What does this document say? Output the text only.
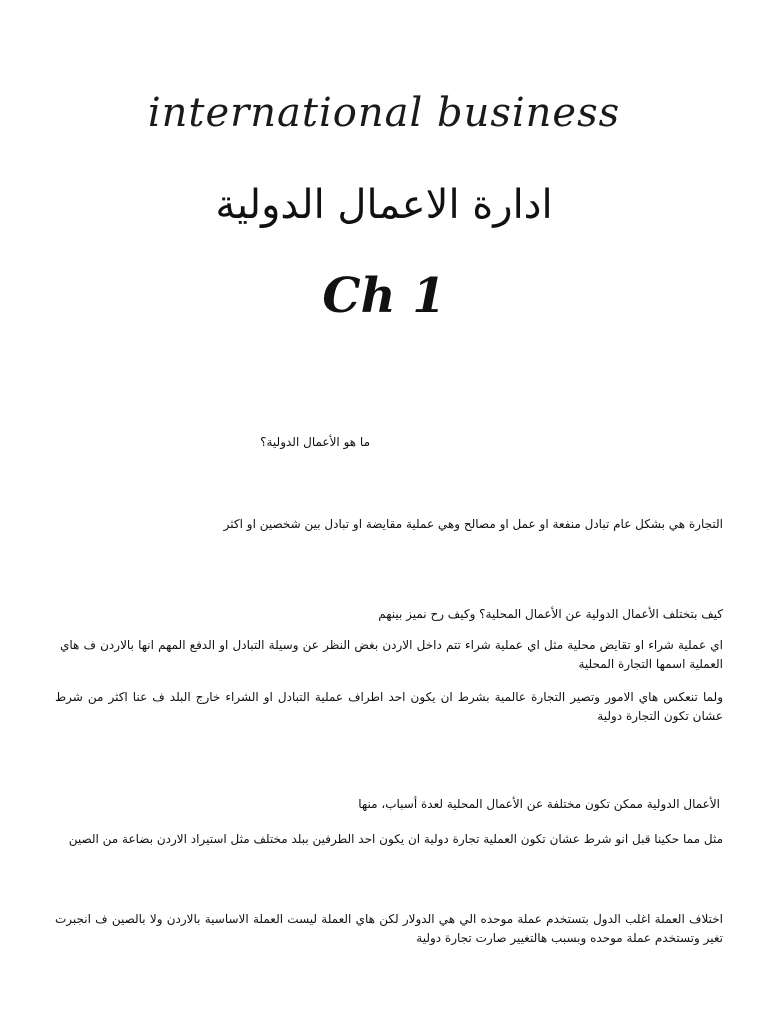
international business
ادارة الاعمال الدولية
Ch 1
ما هو الأعمال الدولية؟
التجارة هي بشكل عام تبادل منفعة او عمل او مصالح وهي عملية مقايضة او تبادل بين شخصين او اكثر
كيف بتختلف الأعمال الدولية عن الأعمال المحلية؟ وكيف رح نميز بينهم
اي عملية شراء او تقايض محلية مثل اي عملية شراء تتم داخل الاردن بغض النظر عن وسيلة التبادل او الدفع المهم انها بالاردن ف هاي العملية اسمها التجارة المحلية
ولما تنعكس هاي الامور وتصير التجارة عالمية بشرط ان يكون احد اطراف عملية التبادل او الشراء خارج البلد ف عنا اكثر من شرط عشان تكون التجارة دولية
الأعمال الدولية ممكن تكون مختلفة عن الأعمال المحلية لعدة أسباب، منها
مثل مما حكينا قبل انو شرط عشان تكون العملية تجارة دولية ان يكون احد الطرفين ببلد مختلف مثل استيراد الاردن بضاعة من الصين
اختلاف العملة اغلب الدول بتستخدم عملة موحده الي هي الدولار لكن هاي العملة ليست العملة الاساسية بالاردن ولا بالصين ف انجبرت تغير وتستخدم عملة موحده وبسبب هالتغيير صارت تجارة دولية
